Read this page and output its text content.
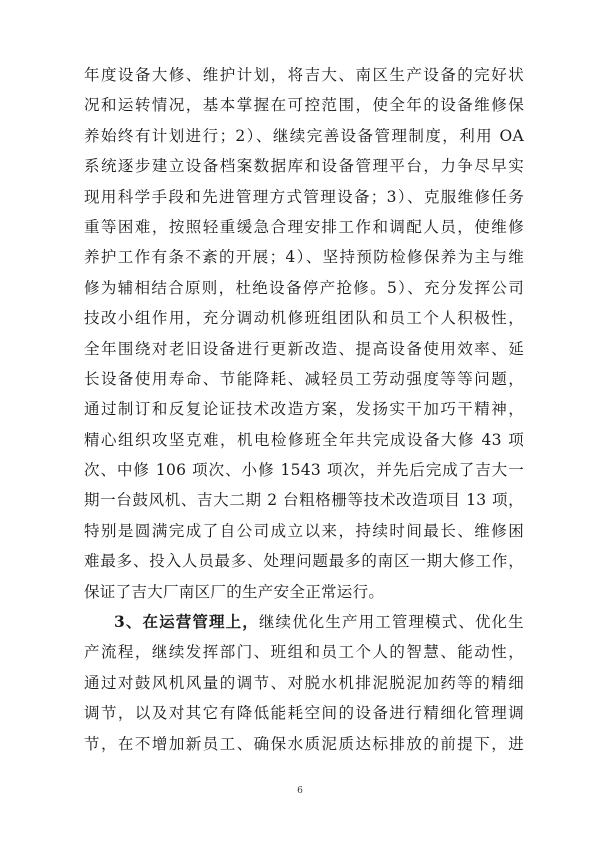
年度设备大修、维护计划，将吉大、南区生产设备的完好状
况和运转情况，基本掌握在可控范围，使全年的设备维修保
养始终有计划进行；2）、继续完善设备管理制度，利用 OA
系统逐步建立设备档案数据库和设备管理平台，力争尽早实
现用科学手段和先进管理方式管理设备；3）、克服维修任务
重等困难，按照轻重缓急合理安排工作和调配人员，使维修
养护工作有条不紊的开展；4）、坚持预防检修保养为主与维
修为辅相结合原则，杜绝设备停产抢修。5）、充分发挥公司
技改小组作用，充分调动机修班组团队和员工个人积极性，
全年围绕对老旧设备进行更新改造、提高设备使用效率、延
长设备使用寿命、节能降耗、减轻员工劳动强度等等问题，
通过制订和反复论证技术改造方案，发扬实干加巧干精神，
精心组织攻坚克难，机电检修班全年共完成设备大修 43 项
次、中修 106 项次、小修 1543 项次，并先后完成了吉大一
期一台鼓风机、吉大二期 2 台粗格栅等技术改造项目 13 项，
特别是圆满完成了自公司成立以来，持续时间最长、维修困
难最多、投入人员最多、处理问题最多的南区一期大修工作，
保证了吉大厂南区厂的生产安全正常运行。
3、在运营管理上，继续优化生产用工管理模式、优化生
产流程，继续发挥部门、班组和员工个人的智慧、能动性，
通过对鼓风机风量的调节、对脱水机排泥脱泥加药等的精细
调节，以及对其它有降低能耗空间的设备进行精细化管理调
节，在不增加新员工、确保水质泥质达标排放的前提下，进
6
